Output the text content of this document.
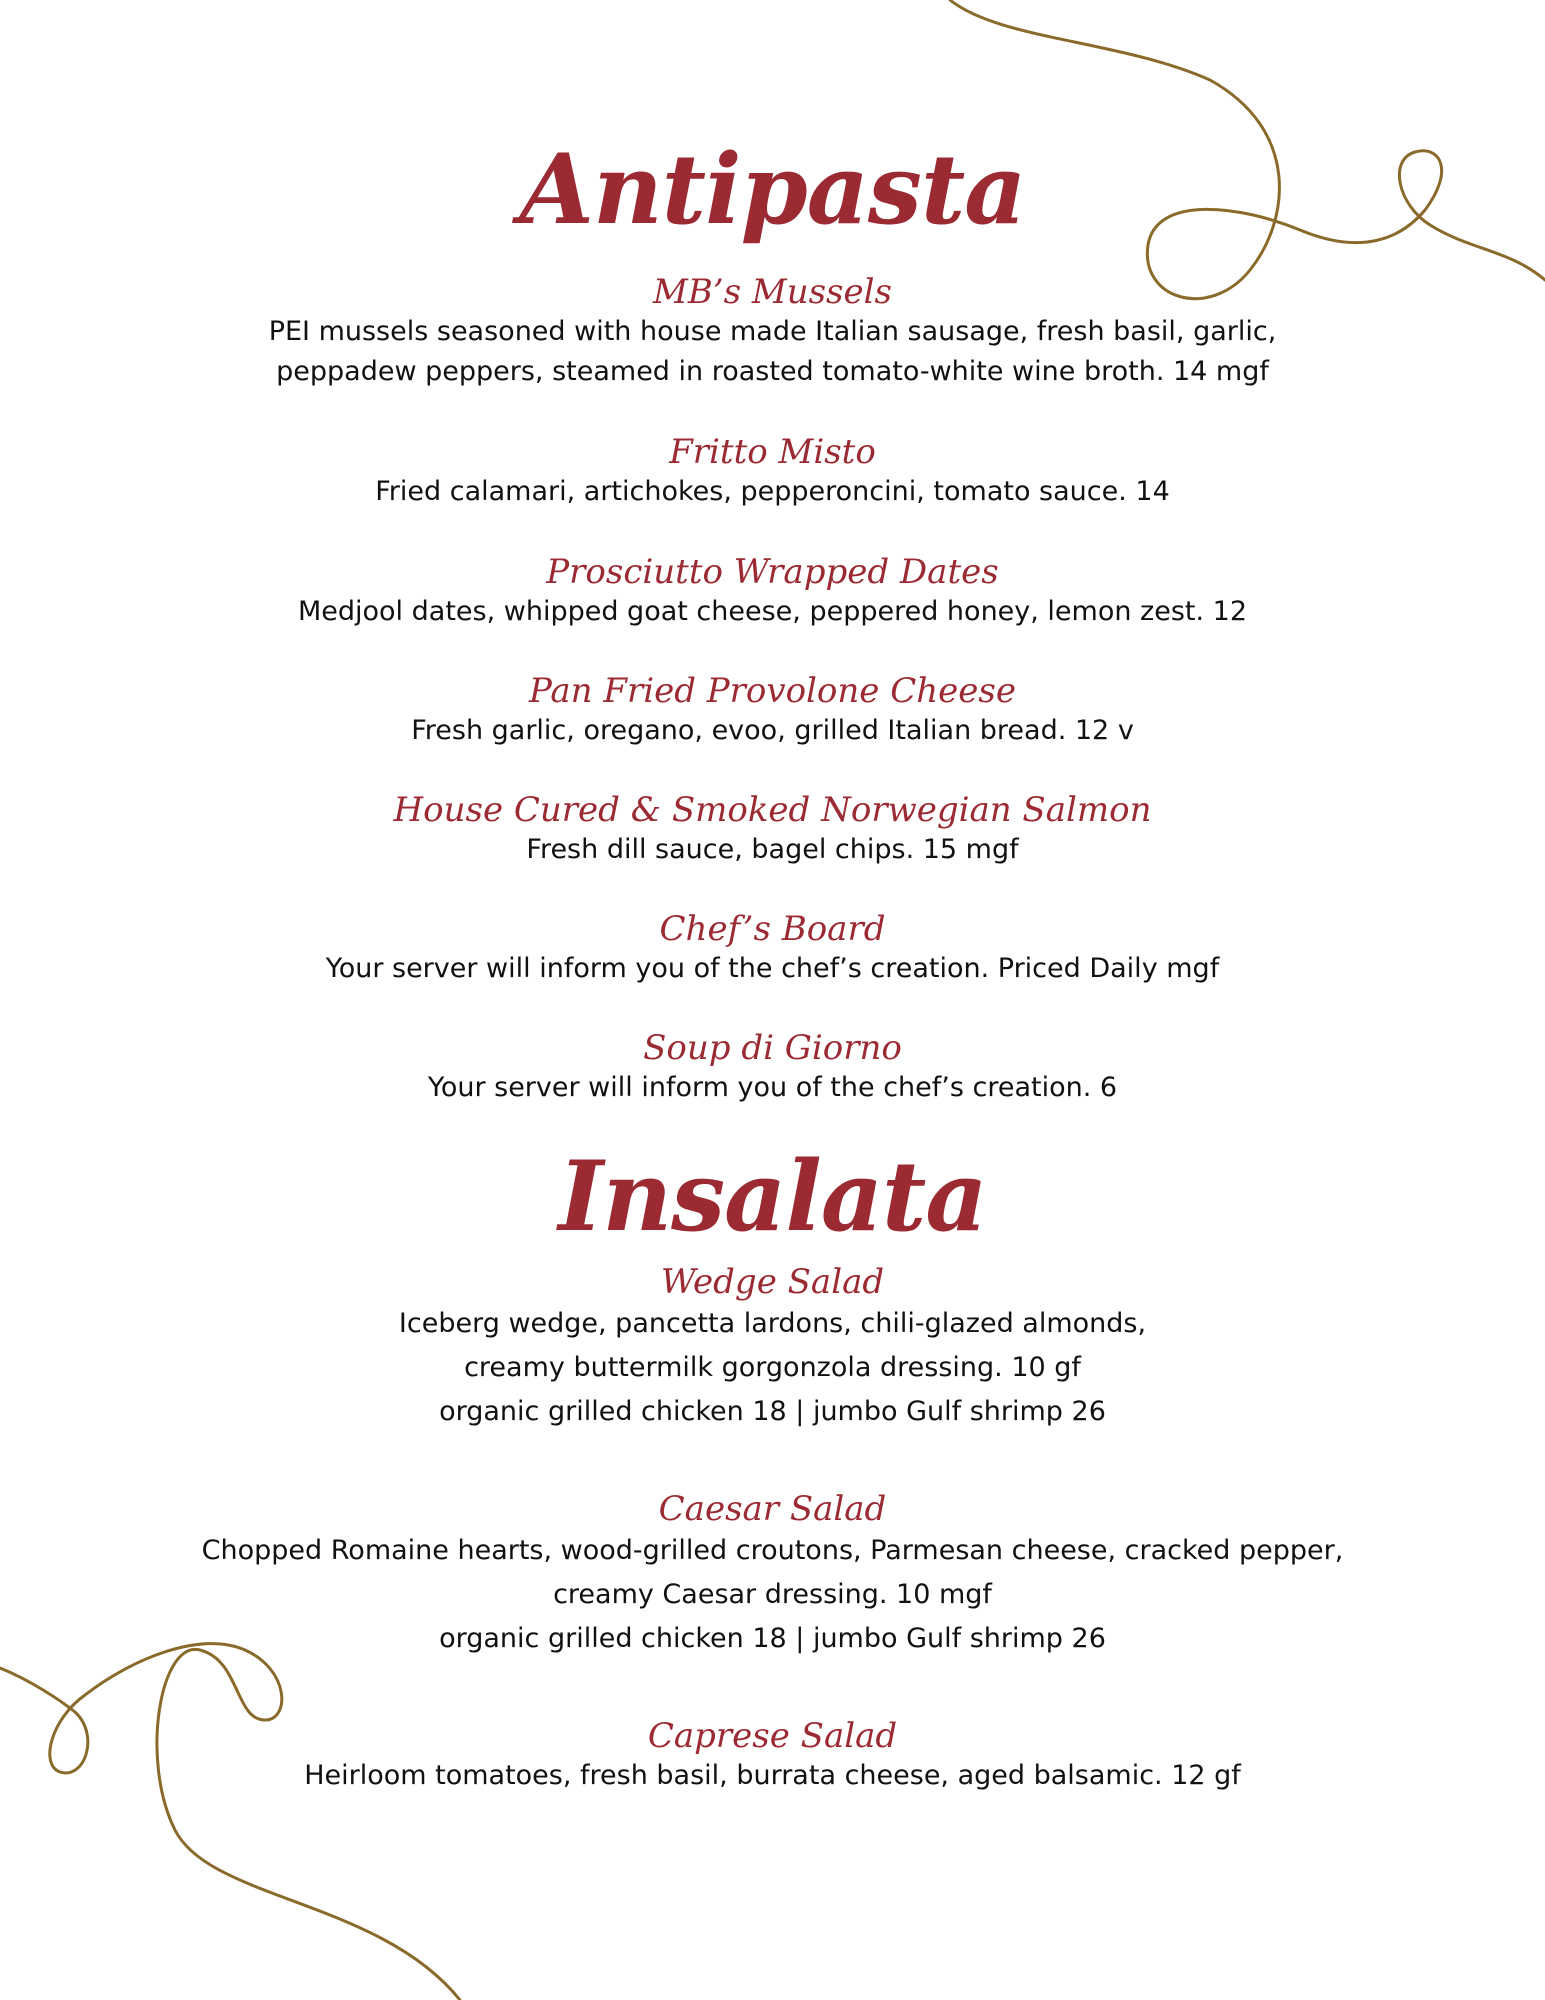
Antipasta

MB’s Mussels

PEI mussels seasoned with house made Italian sausage, fresh basil, garlic,

peppadew peppers, steamed in roasted tomato-white wine broth. 14 mgf

Fritto Misto

Fried calamari, artichokes, pepperoncini, tomato sauce. 14

Prosciutto Wrapped Dates

Medjool dates, whipped goat cheese, peppered honey, lemon zest. 12

Pan Fried Provolone Cheese

Fresh garlic, oregano, evoo, grilled Italian bread. 12 v

House Cured & Smoked Norwegian Salmon

Fresh dill sauce, bagel chips. 15 mgf

Chef’s Board

Your server will inform you of the chef’s creation. Priced Daily mgf

Soup di Giorno

Your server will inform you of the chef’s creation. 6

Insalata

Wedge Salad

Iceberg wedge, pancetta lardons, chili-glazed almonds,

creamy buttermilk gorgonzola dressing. 10 gf

organic grilled chicken 18 | jumbo Gulf shrimp 26

Caesar Salad

Chopped Romaine hearts, wood-grilled croutons, Parmesan cheese, cracked pepper,

creamy Caesar dressing. 10 mgf

organic grilled chicken 18 | jumbo Gulf shrimp 26

Caprese Salad

Heirloom tomatoes, fresh basil, burrata cheese, aged balsamic. 12 gf
